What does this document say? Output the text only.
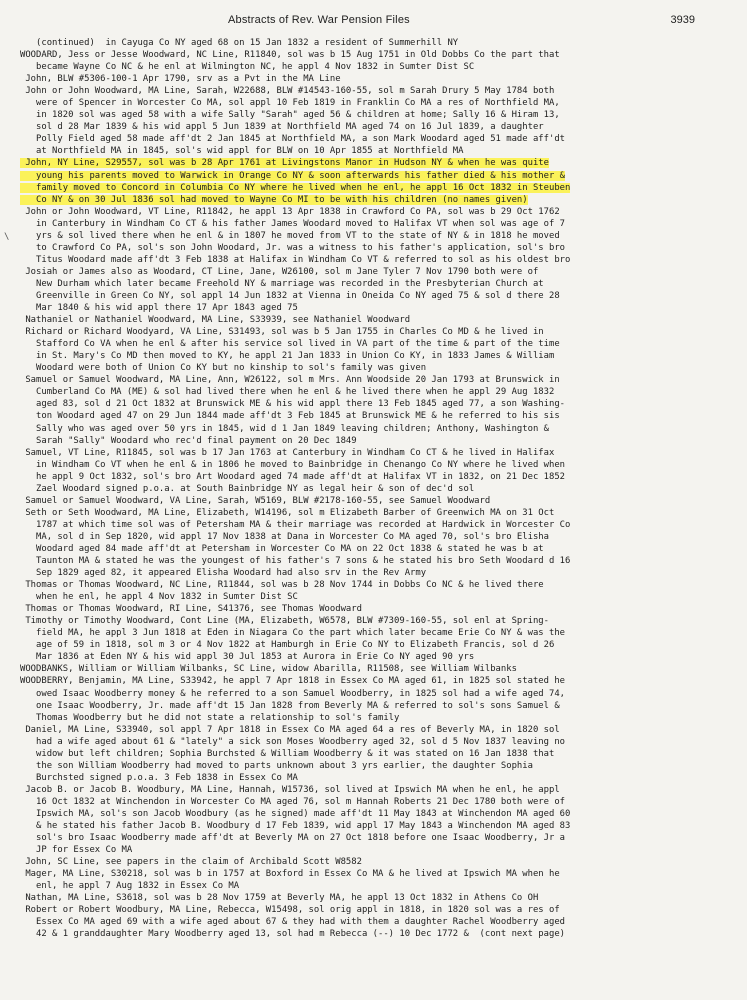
Abstracts of Rev. War Pension Files	3939
\
(continued)  in Cayuga Co NY aged 68 on 15 Jan 1832 a resident of Summerhill NY
WOODARD, Jess or Jesse Woodward, NC Line, R11840, sol was b 15 Aug 1751 in Old Dobbs Co the part that
became Wayne Co NC & he enl at Wilmington NC, he appl 4 Nov 1832 in Sumter Dist SC
John, BLW #5306-100-1 Apr 1790, srv as a Pvt in the MA Line
John or John Woodward, MA Line, Sarah, W22688, BLW #14543-160-55, sol m Sarah Drury 5 May 1784 both
were of Spencer in Worcester Co MA, sol appl 10 Feb 1819 in Franklin Co MA a res of Northfield MA,
in 1820 sol was aged 58 with a wife Sally "Sarah" aged 56 & children at home; Sally 16 & Hiram 13,
sol d 28 Mar 1839 & his wid appl 5 Jun 1839 at Northfield MA aged 74 on 16 Jul 1839, a daughter
Polly Field aged 58 made aff'dt 2 Jan 1845 at Northfield MA, a son Mark Woodard aged 51 made aff'dt
at Northfield MA in 1845, sol's wid appl for BLW on 10 Apr 1855 at Northfield MA
John, NY Line, S29557, sol was b 28 Apr 1761 at Livingstons Manor in Hudson NY & when he was quite
young his parents moved to Warwick in Orange Co NY & soon afterwards his father died & his mother &
family moved to Concord in Columbia Co NY where he lived when he enl, he appl 16 Oct 1832 in Steuben
Co NY & on 30 Jul 1836 sol had moved to Wayne Co MI to be with his children (no names given)
John or John Woodward, VT Line, R11842, he appl 13 Apr 1838 in Crawford Co PA, sol was b 29 Oct 1762
in Canterbury in Windham Co CT & his father James Woodard moved to Halifax VT when sol was age of 7
yrs & sol lived there when he enl & in 1807 he moved from VT to the state of NY & in 1818 he moved
to Crawford Co PA, sol's son John Woodard, Jr. was a witness to his father's application, sol's bro
Titus Woodard made aff'dt 3 Feb 1838 at Halifax in Windham Co VT & referred to sol as his oldest bro
Josiah or James also as Woodard, CT Line, Jane, W26100, sol m Jane Tyler 7 Nov 1790 both were of
New Durham which later became Freehold NY & marriage was recorded in the Presbyterian Church at
Greenville in Green Co NY, sol appl 14 Jun 1832 at Vienna in Oneida Co NY aged 75 & sol d there 28
Mar 1840 & his wid appl there 17 Apr 1843 aged 75
Nathaniel or Nathaniel Woodward, MA Line, S33939, see Nathaniel Woodward
Richard or Richard Woodyard, VA Line, S31493, sol was b 5 Jan 1755 in Charles Co MD & he lived in
Stafford Co VA when he enl & after his service sol lived in VA part of the time & part of the time
in St. Mary's Co MD then moved to KY, he appl 21 Jan 1833 in Union Co KY, in 1833 James & William
Woodard were both of Union Co KY but no kinship to sol's family was given
Samuel or Samuel Woodward, MA Line, Ann, W26122, sol m Mrs. Ann Woodside 20 Jan 1793 at Brunswick in
Cumberland Co MA (ME) & sol had lived there when he enl & he lived there when he appl 29 Aug 1832
aged 83, sol d 21 Oct 1832 at Brunswick ME & his wid appl there 13 Feb 1845 aged 77, a son Washing-
ton Woodard aged 47 on 29 Jun 1844 made aff'dt 3 Feb 1845 at Brunswick ME & he referred to his sis
Sally who was aged over 50 yrs in 1845, wid d 1 Jan 1849 leaving children; Anthony, Washington &
Sarah "Sally" Woodard who rec'd final payment on 20 Dec 1849
Samuel, VT Line, R11845, sol was b 17 Jan 1763 at Canterbury in Windham Co CT & he lived in Halifax
in Windham Co VT when he enl & in 1806 he moved to Bainbridge in Chenango Co NY where he lived when
he appl 9 Oct 1832, sol's bro Art Woodard aged 74 made aff'dt at Halifax VT in 1832, on 21 Dec 1852
Zael Woodard signed p.o.a. at South Bainbridge NY as legal heir & son of dec'd sol
Samuel or Samuel Woodward, VA Line, Sarah, W5169, BLW #2178-160-55, see Samuel Woodward
Seth or Seth Woodward, MA Line, Elizabeth, W14196, sol m Elizabeth Barber of Greenwich MA on 31 Oct
1787 at which time sol was of Petersham MA & their marriage was recorded at Hardwick in Worcester Co
MA, sol d in Sep 1820, wid appl 17 Nov 1838 at Dana in Worcester Co MA aged 70, sol's bro Elisha
Woodard aged 84 made aff'dt at Petersham in Worcester Co MA on 22 Oct 1838 & stated he was b at
Taunton MA & stated he was the youngest of his father's 7 sons & he stated his bro Seth Woodard d 16
Sep 1829 aged 82, it appeared Elisha Woodard had also srv in the Rev Army
Thomas or Thomas Woodward, NC Line, R11844, sol was b 28 Nov 1744 in Dobbs Co NC & he lived there
when he enl, he appl 4 Nov 1832 in Sumter Dist SC
Thomas or Thomas Woodward, RI Line, S41376, see Thomas Woodward
Timothy or Timothy Woodward, Cont Line (MA, Elizabeth, W6578, BLW #7309-160-55, sol enl at Spring-
field MA, he appl 3 Jun 1818 at Eden in Niagara Co the part which later became Erie Co NY & was the
age of 59 in 1818, sol m 3 or 4 Nov 1822 at Hamburgh in Erie Co NY to Elizabeth Francis, sol d 26
Mar 1836 at Eden NY & his wid appl 30 Jul 1853 at Aurora in Erie Co NY aged 90 yrs
WOODBANKS, William or William Wilbanks, SC Line, widow Abarilla, R11508, see William Wilbanks
WOODBERRY, Benjamin, MA Line, S33942, he appl 7 Apr 1818 in Essex Co MA aged 61, in 1825 sol stated he
owed Isaac Woodberry money & he referred to a son Samuel Woodberry, in 1825 sol had a wife aged 74,
one Isaac Woodberry, Jr. made aff'dt 15 Jan 1828 from Beverly MA & referred to sol's sons Samuel &
Thomas Woodberry but he did not state a relationship to sol's family
Daniel, MA Line, S33940, sol appl 7 Apr 1818 in Essex Co MA aged 64 a res of Beverly MA, in 1820 sol
had a wife aged about 61 & "lately" a sick son Moses Woodberry aged 32, sol d 5 Nov 1837 leaving no
widow but left children; Sophia Burchsted & William Woodberry & it was stated on 16 Jan 1838 that
the son William Woodberry had moved to parts unknown about 3 yrs earlier, the daughter Sophia
Burchsted signed p.o.a. 3 Feb 1838 in Essex Co MA
Jacob B. or Jacob B. Woodbury, MA Line, Hannah, W15736, sol lived at Ipswich MA when he enl, he appl
16 Oct 1832 at Winchendon in Worcester Co MA aged 76, sol m Hannah Roberts 21 Dec 1780 both were of
Ipswich MA, sol's son Jacob Woodbury (as he signed) made aff'dt 11 May 1843 at Winchendon MA aged 60
& he stated his father Jacob B. Woodbury d 17 Feb 1839, wid appl 17 May 1843 a Winchendon MA aged 83
sol's bro Isaac Woodberry made aff'dt at Beverly MA on 27 Oct 1818 before one Isaac Woodberry, Jr a
JP for Essex Co MA
John, SC Line, see papers in the claim of Archibald Scott W8582
Mager, MA Line, S30218, sol was b in 1757 at Boxford in Essex Co MA & he lived at Ipswich MA when he
enl, he appl 7 Aug 1832 in Essex Co MA
Nathan, MA Line, S3618, sol was b 28 Nov 1759 at Beverly MA, he appl 13 Oct 1832 in Athens Co OH
Robert or Robert Woodbury, MA Line, Rebecca, W15498, sol orig appl in 1818, in 1820 sol was a res of
Essex Co MA aged 69 with a wife aged about 67 & they had with them a daughter Rachel Woodberry aged
42 & 1 granddaughter Mary Woodberry aged 13, sol had m Rebecca (--) 10 Dec 1772 &  (cont next page)
